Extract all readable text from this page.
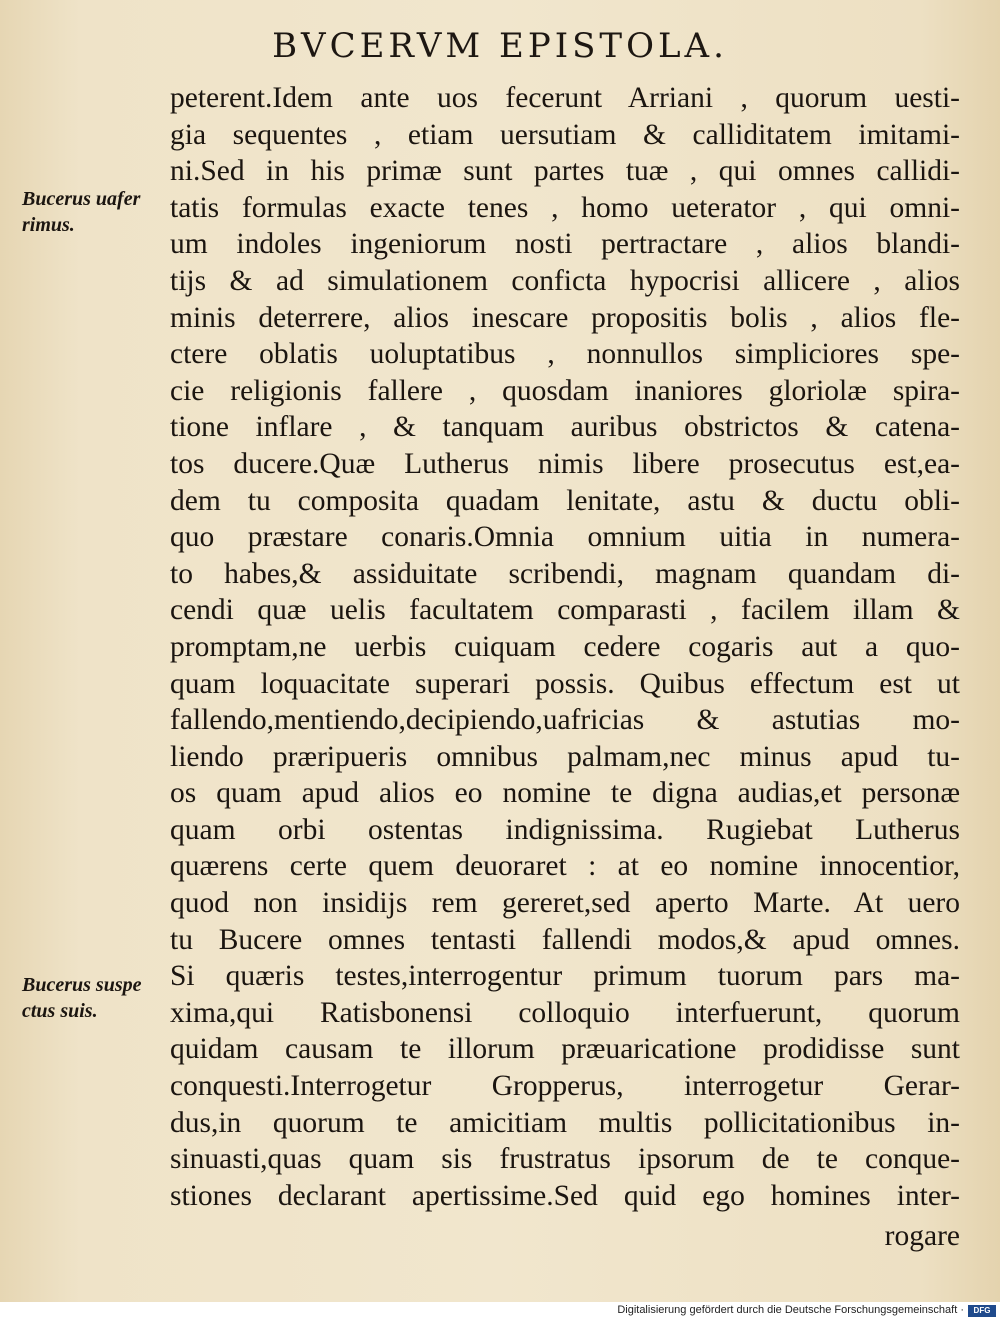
BVCERVM EPISTOLA.
Bucerus uafer
rimus.
Bucerus suspe
ctus suis.
peterent.Idem ante uos fecerunt Arriani , quorum uesti-
gia sequentes , etiam uersutiam & calliditatem imitami-
ni.Sed in his primæ sunt partes tuæ , qui omnes callidi-
tatis formulas exacte tenes , homo ueterator , qui omni-
um indoles ingeniorum nosti pertractare , alios blandi-
tijs & ad simulationem conficta hypocrisi allicere , alios
minis deterrere, alios inescare propositis bolis , alios fle-
ctere oblatis uoluptatibus , nonnullos simpliciores spe-
cie religionis fallere , quosdam inaniores gloriolæ spira-
tione inflare , & tanquam auribus obstrictos & catena-
tos ducere.Quæ Lutherus nimis libere prosecutus est,ea-
dem tu composita quadam lenitate, astu & ductu obli-
quo præstare conaris.Omnia omnium uitia in numera-
to habes,& assiduitate scribendi, magnam quandam di-
cendi quæ uelis facultatem comparasti , facilem illam &
promptam,ne uerbis cuiquam cedere cogaris aut a quo-
quam loquacitate superari possis. Quibus effectum est ut
fallendo,mentiendo,decipiendo,uafricias & astutias mo-
liendo præripueris omnibus palmam,nec minus apud tu-
os quam apud alios eo nomine te digna audias,et personæ
quam orbi ostentas indignissima. Rugiebat Lutherus
quærens certe quem deuoraret : at eo nomine innocentior,
quod non insidijs rem gereret,sed aperto Marte. At uero
tu Bucere omnes tentasti fallendi modos,& apud omnes.
Si quæris testes,interrogentur primum tuorum pars ma-
xima,qui Ratisbonensi colloquio interfuerunt, quorum
quidam causam te illorum præuaricatione prodidisse sunt
conquesti.Interrogetur Gropperus, interrogetur Gerar-
dus,in quorum te amicitiam multis pollicitationibus in-
sinuasti,quas quam sis frustratus ipsorum de te conque-
stiones declarant apertissime.Sed quid ego homines inter-
rogare
Digitalisierung gefördert durch die Deutsche Forschungsgemeinschaft ·	DFG
